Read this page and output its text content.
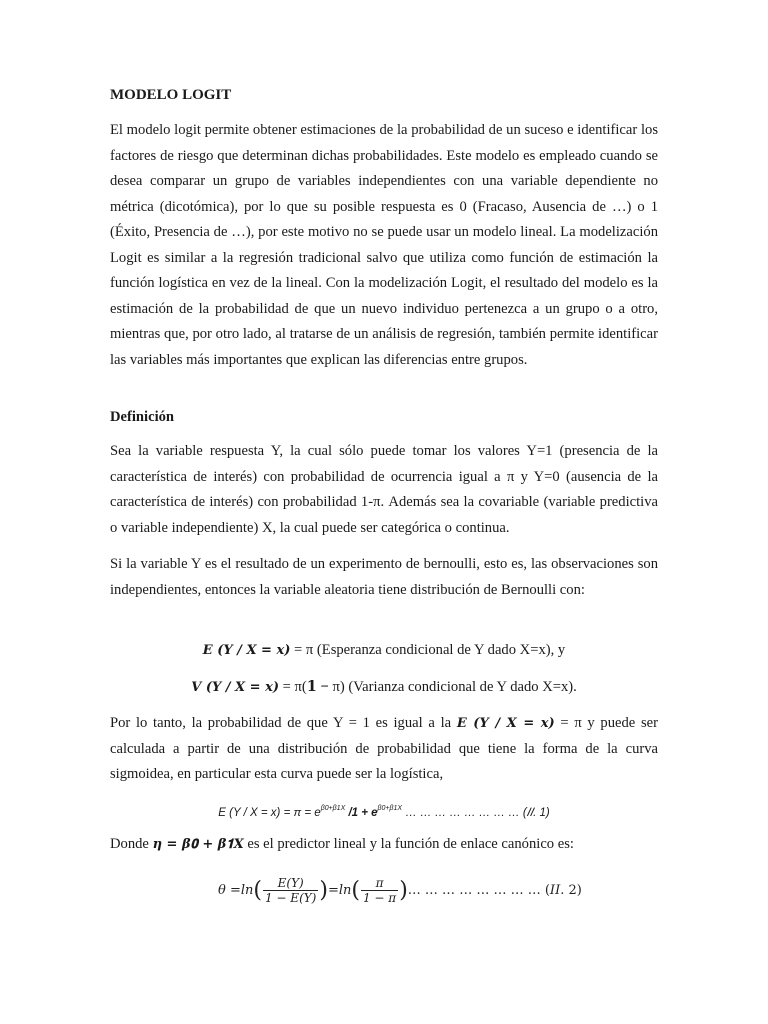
MODELO LOGIT

El modelo logit permite obtener estimaciones de la probabilidad de un suceso e identificar los factores de riesgo que determinan dichas probabilidades. Este modelo es empleado cuando se desea comparar un grupo de variables independientes con una variable dependiente no métrica (dicotómica), por lo que su posible respuesta es 0 (Fracaso, Ausencia de …) o 1 (Éxito, Presencia de …), por este motivo no se puede usar un modelo lineal. La modelización Logit es similar a la regresión tradicional salvo que utiliza como función de estimación la función logística en vez de la lineal. Con la modelización Logit, el resultado del modelo es la estimación de la probabilidad de que un nuevo individuo pertenezca a un grupo o a otro, mientras que, por otro lado, al tratarse de un análisis de regresión, también permite identificar las variables más importantes que explican las diferencias entre grupos.

Definición

Sea la variable respuesta Y, la cual sólo puede tomar los valores Y=1 (presencia de la característica de interés) con probabilidad de ocurrencia igual a π y Y=0 (ausencia de la característica de interés) con probabilidad 1-π. Además sea la covariable (variable predictiva o variable independiente) X, la cual puede ser categórica o continua.

Si la variable Y es el resultado de un experimento de bernoulli, esto es, las observaciones son independientes, entonces la variable aleatoria tiene distribución de Bernoulli con:

𝑬 (𝒀 / 𝑿 = 𝒙) = π (Esperanza condicional de Y dado X=x), y
𝑽 (𝒀 / 𝑿 = 𝒙) = π(𝟏 − π) (Varianza condicional de Y dado X=x).

Por lo tanto, la probabilidad de que Y = 1 es igual a la 𝑬 (𝒀 / 𝑿 = 𝒙) = π y puede ser calculada a partir de una distribución de probabilidad que tiene la forma de la curva sigmoidea, en particular esta curva puede ser la logística,

E $(Y / X = x) = \pi = e^{\beta 0+\beta 1X}$ $/1 + e^{\beta 0+\beta 1X}$ … … … … … … … … (𝐼𝐼. 1)

Donde 𝜼 = 𝜷𝟎 + 𝜷𝟏𝑿 es el predictor lineal y la función de enlace canónico es:

θ = ln ( $\frac{E(Y)}{1 - E(Y)}$ ) = ln ( $\frac{\pi}{1 - \pi}$ ) … … … … … … … … (𝐼𝐼. 2)
